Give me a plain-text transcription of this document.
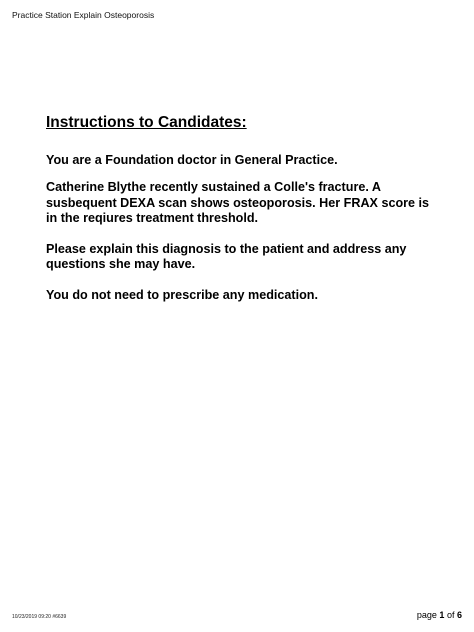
Practice Station Explain Osteoporosis
Instructions to Candidates:

You are a Foundation doctor in General Practice.

Catherine Blythe recently sustained a Colle's fracture. A susbequent DEXA scan shows osteoporosis. Her FRAX score is in the reqiures treatment threshold.

Please explain this diagnosis to the patient and address any questions she may have.

You do not need to prescribe any medication.

10/23/2019 09:20 #6639	page 1 of 6
